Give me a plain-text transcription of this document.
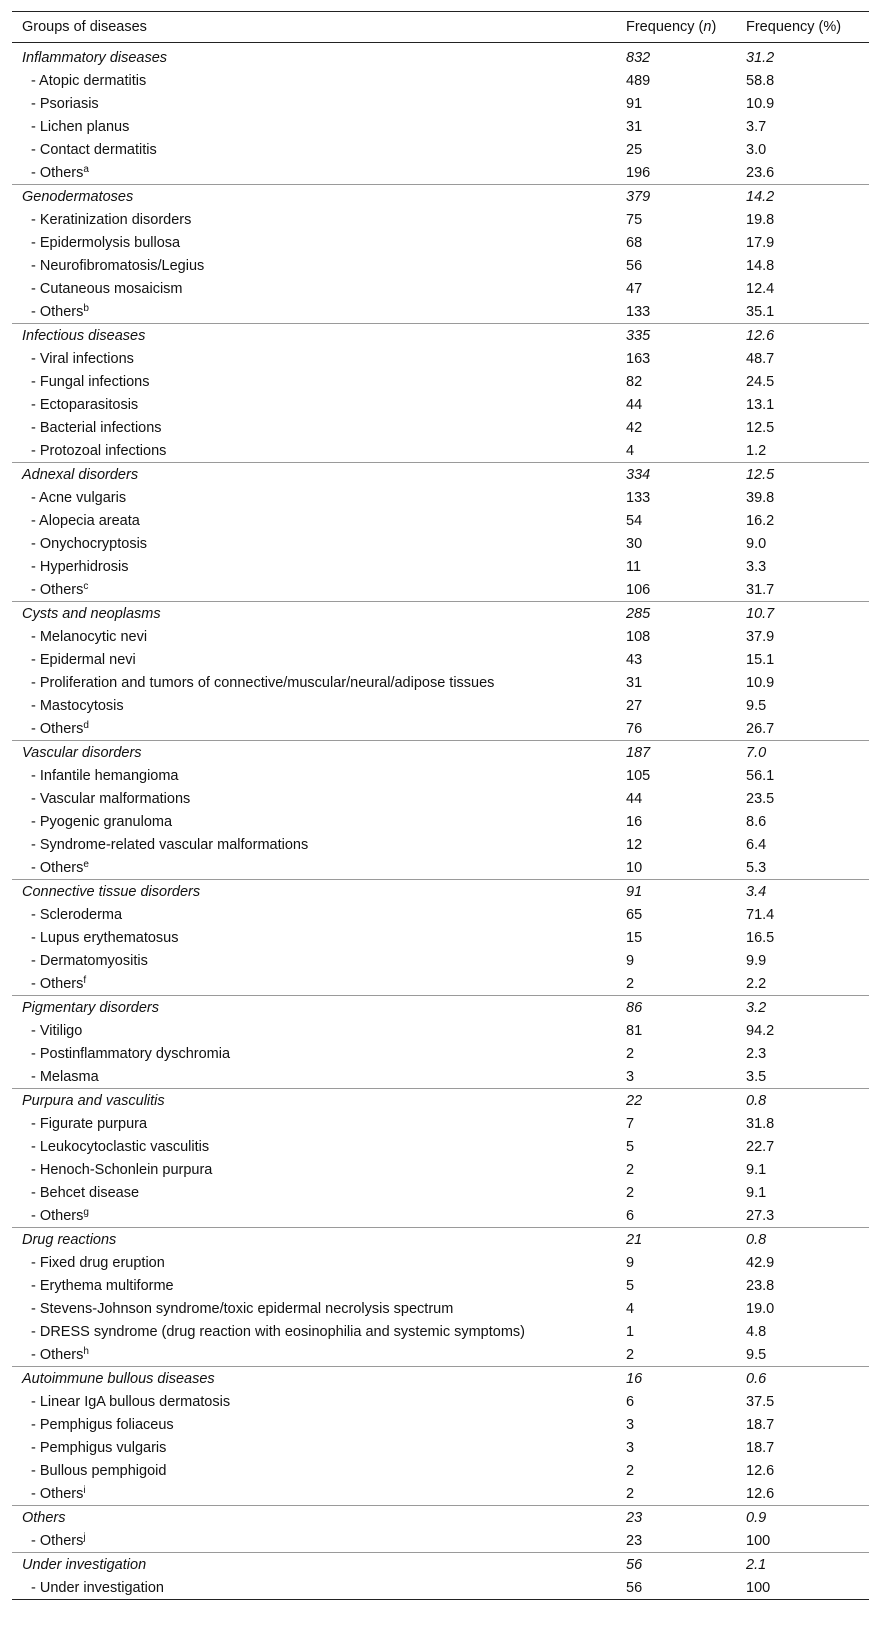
Groups of diseases	Frequency (n)	Frequency (%)
Inflammatory diseases	832	31.2
- Atopic dermatitis	489	58.8
- Psoriasis	91	10.9
- Lichen planus	31	3.7
- Contact dermatitis	25	3.0
- Others$^a$	196	23.6
Genodermatoses	379	14.2
- Keratinization disorders	75	19.8
- Epidermolysis bullosa	68	17.9
- Neurofibromatosis/Legius	56	14.8
- Cutaneous mosaicism	47	12.4
- Others$^b$	133	35.1
Infectious diseases	335	12.6
- Viral infections	163	48.7
- Fungal infections	82	24.5
- Ectoparasitosis	44	13.1
- Bacterial infections	42	12.5
- Protozoal infections	4	1.2
Adnexal disorders	334	12.5
- Acne vulgaris	133	39.8
- Alopecia areata	54	16.2
- Onychocryptosis	30	9.0
- Hyperhidrosis	11	3.3
- Others$^c$	106	31.7
Cysts and neoplasms	285	10.7
- Melanocytic nevi	108	37.9
- Epidermal nevi	43	15.1
- Proliferation and tumors of connective/muscular/neural/adipose tissues	31	10.9
- Mastocytosis	27	9.5
- Others$^d$	76	26.7
Vascular disorders	187	7.0
- Infantile hemangioma	105	56.1
- Vascular malformations	44	23.5
- Pyogenic granuloma	16	8.6
- Syndrome-related vascular malformations	12	6.4
- Others$^e$	10	5.3
Connective tissue disorders	91	3.4
- Scleroderma	65	71.4
- Lupus erythematosus	15	16.5
- Dermatomyositis	9	9.9
- Others$^f$	2	2.2
Pigmentary disorders	86	3.2
- Vitiligo	81	94.2
- Postinflammatory dyschromia	2	2.3
- Melasma	3	3.5
Purpura and vasculitis	22	0.8
- Figurate purpura	7	31.8
- Leukocytoclastic vasculitis	5	22.7
- Henoch-Schonlein purpura	2	9.1
- Behcet disease	2	9.1
- Others$^g$	6	27.3
Drug reactions	21	0.8
- Fixed drug eruption	9	42.9
- Erythema multiforme	5	23.8
- Stevens-Johnson syndrome/toxic epidermal necrolysis spectrum	4	19.0
- DRESS syndrome (drug reaction with eosinophilia and systemic symptoms)	1	4.8
- Others$^h$	2	9.5
Autoimmune bullous diseases	16	0.6
- Linear IgA bullous dermatosis	6	37.5
- Pemphigus foliaceus	3	18.7
- Pemphigus vulgaris	3	18.7
- Bullous pemphigoid	2	12.6
- Others$^i$	2	12.6
Others	23	0.9
- Others$^j$	23	100
Under investigation	56	2.1
- Under investigation	56	100
